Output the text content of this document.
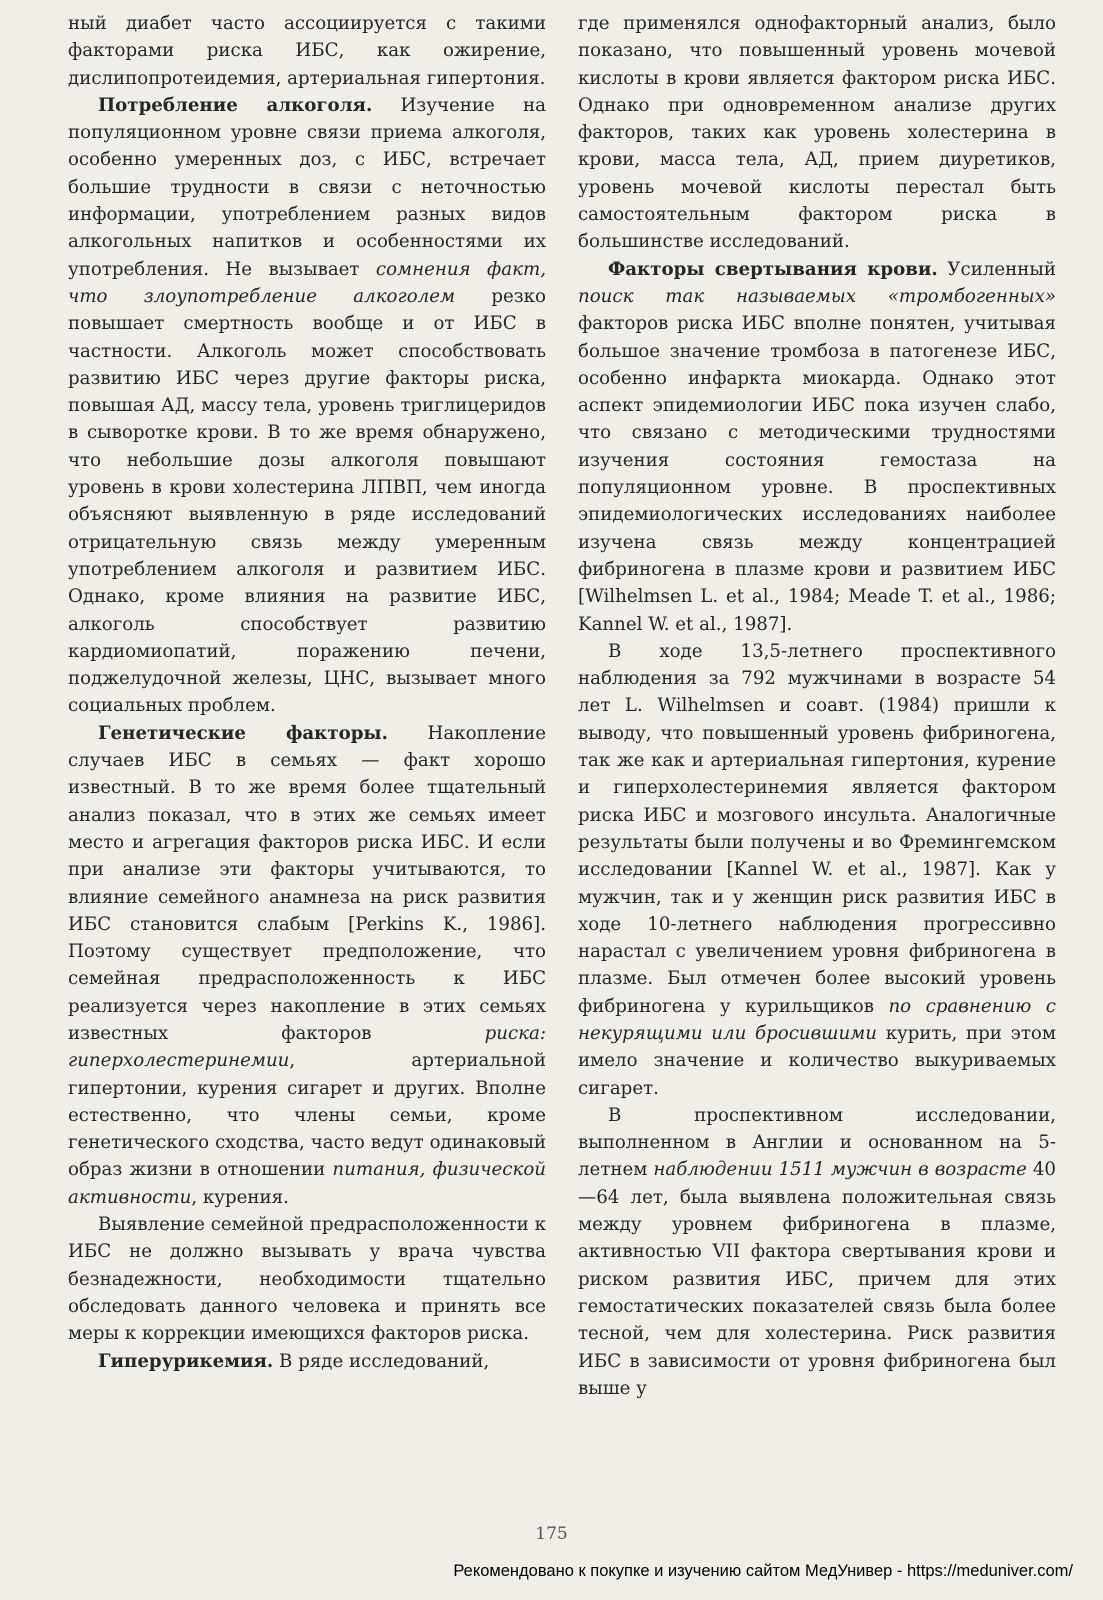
ный диабет часто ассоциируется с такими факторами риска ИБС, как ожирение, дислипопротеидемия, артериальная гипертония.

Потребление алкоголя. Изучение на популяционном уровне связи приема алкоголя, особенно умеренных доз, с ИБС, встречает большие трудности в связи с неточностью информации, употреблением разных видов алкогольных напитков и особенностями их употребления. Не вызывает сомнения факт, что злоупотребление алкоголем резко повышает смертность вообще и от ИБС в частности. Алкоголь может способствовать развитию ИБС через другие факторы риска, повышая АД, массу тела, уровень триглицеридов в сыворотке крови. В то же время обнаружено, что небольшие дозы алкоголя повышают уровень в крови холестерина ЛПВП, чем иногда объясняют выявленную в ряде исследований отрицательную связь между умеренным употреблением алкоголя и развитием ИБС. Однако, кроме влияния на развитие ИБС, алкоголь способствует развитию кардиомиопатий, поражению печени, поджелудочной железы, ЦНС, вызывает много социальных проблем.

Генетические факторы. Накопление случаев ИБС в семьях — факт хорошо известный. В то же время более тщательный анализ показал, что в этих же семьях имеет место и агрегация факторов риска ИБС. И если при анализе эти факторы учитываются, то влияние семейного анамнеза на риск развития ИБС становится слабым [Perkins K., 1986]. Поэтому существует предположение, что семейная предрасположенность к ИБС реализуется через накопление в этих семьях известных факторов риска: гиперхолестеринемии, артериальной гипертонии, курения сигарет и других. Вполне естественно, что члены семьи, кроме генетического сходства, часто ведут одинаковый образ жизни в отношении питания, физической активности, курения.

Выявление семейной предрасположенности к ИБС не должно вызывать у врача чувства безнадежности, необходимости тщательно обследовать данного человека и принять все меры к коррекции имеющихся факторов риска.

Гиперурикемия. В ряде исследований,

где применялся однофакторный анализ, было показано, что повышенный уровень мочевой кислоты в крови является фактором риска ИБС. Однако при одновременном анализе других факторов, таких как уровень холестерина в крови, масса тела, АД, прием диуретиков, уровень мочевой кислоты перестал быть самостоятельным фактором риска в большинстве исследований.

Факторы свертывания крови. Усиленный поиск так называемых «тромбогенных» факторов риска ИБС вполне понятен, учитывая большое значение тромбоза в патогенезе ИБС, особенно инфаркта миокарда. Однако этот аспект эпидемиологии ИБС пока изучен слабо, что связано с методическими трудностями изучения состояния гемостаза на популяционном уровне. В проспективных эпидемиологических исследованиях наиболее изучена связь между концентрацией фибриногена в плазме крови и развитием ИБС [Wilhelmsen L. et al., 1984; Meade T. et al., 1986; Kannel W. et al., 1987].

В ходе 13,5-летнего проспективного наблюдения за 792 мужчинами в возрасте 54 лет L. Wilhelmsen и соавт. (1984) пришли к выводу, что повышенный уровень фибриногена, так же как и артериальная гипертония, курение и гиперхолестеринемия является фактором риска ИБС и мозгового инсульта. Аналогичные результаты были получены и во Фремингемском исследовании [Kannel W. et al., 1987]. Как у мужчин, так и у женщин риск развития ИБС в ходе 10-летнего наблюдения прогрессивно нарастал с увеличением уровня фибриногена в плазме. Был отмечен более высокий уровень фибриногена у курильщиков по сравнению с некурящими или бросившими курить, при этом имело значение и количество выкуриваемых сигарет.

В проспективном исследовании, выполненном в Англии и основанном на 5-летнем наблюдении 1511 мужчин в возрасте 40—64 лет, была выявлена положительная связь между уровнем фибриногена в плазме, активностью VII фактора свертывания крови и риском развития ИБС, причем для этих гемостатических показателей связь была более тесной, чем для холестерина. Риск развития ИБС в зависимости от уровня фибриногена был выше у

175
Рекомендовано к покупке и изучению сайтом МедУнивер - https://meduniver.com/
